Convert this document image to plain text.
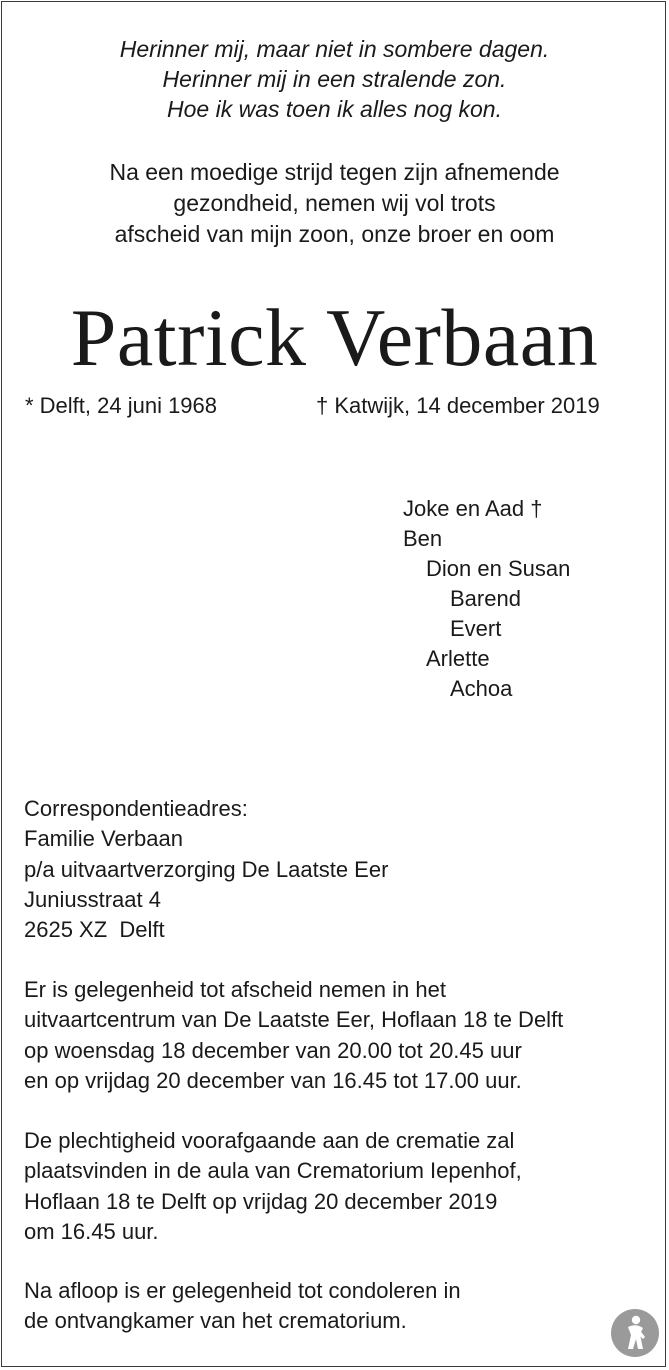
Herinner mij, maar niet in sombere dagen.
Herinner mij in een stralende zon.
Hoe ik was toen ik alles nog kon.
Na een moedige strijd tegen zijn afnemende
gezondheid, nemen wij vol trots
afscheid van mijn zoon, onze broer en oom
Patrick Verbaan
* Delft, 24 juni 1968	† Katwijk, 14 december 2019
Joke en Aad †
Ben
Dion en Susan
Barend
Evert
Arlette
Achoa
Correspondentieadres:
Familie Verbaan
p/a uitvaartverzorging De Laatste Eer
Juniusstraat 4
2625 XZ  Delft
Er is gelegenheid tot afscheid nemen in het
uitvaartcentrum van De Laatste Eer, Hoflaan 18 te Delft
op woensdag 18 december van 20.00 tot 20.45 uur
en op vrijdag 20 december van 16.45 tot 17.00 uur.
De plechtigheid voorafgaande aan de crematie zal
plaatsvinden in de aula van Crematorium Iepenhof,
Hoflaan 18 te Delft op vrijdag 20 december 2019
om 16.45 uur.
Na afloop is er gelegenheid tot condoleren in
de ontvangkamer van het crematorium.
